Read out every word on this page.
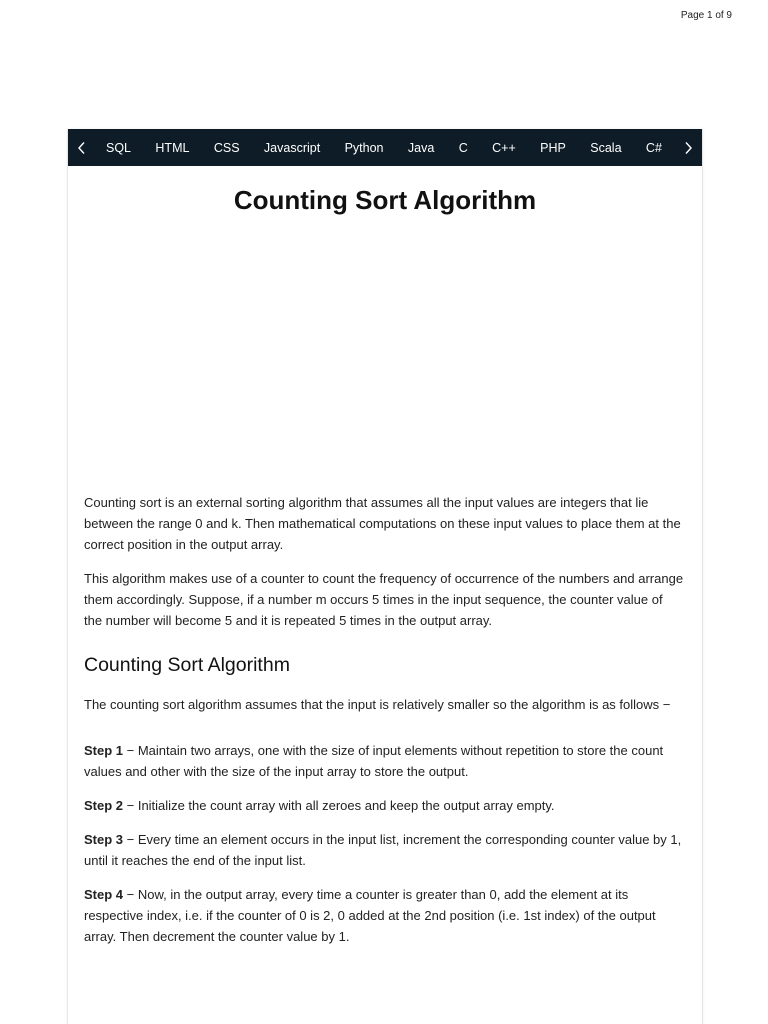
Page 1 of 9
SQL	HTML	CSS	Javascript	Python	Java	C	C++	PHP	Scala	C#
Counting Sort Algorithm

Counting sort is an external sorting algorithm that assumes all the input values are integers that lie between the range 0 and k. Then mathematical computations on these input values to place them at the correct position in the output array.

This algorithm makes use of a counter to count the frequency of occurrence of the numbers and arrange them accordingly. Suppose, if a number m occurs 5 times in the input sequence, the counter value of the number will become 5 and it is repeated 5 times in the output array.

Counting Sort Algorithm

The counting sort algorithm assumes that the input is relatively smaller so the algorithm is as follows −

Step 1 − Maintain two arrays, one with the size of input elements without repetition to store the count values and other with the size of the input array to store the output.

Step 2 − Initialize the count array with all zeroes and keep the output array empty.

Step 3 − Every time an element occurs in the input list, increment the corresponding counter value by 1, until it reaches the end of the input list.

Step 4 − Now, in the output array, every time a counter is greater than 0, add the element at its respective index, i.e. if the counter of 0 is 2, 0 added at the 2nd position (i.e. 1st index) of the output array. Then decrement the counter value by 1.
